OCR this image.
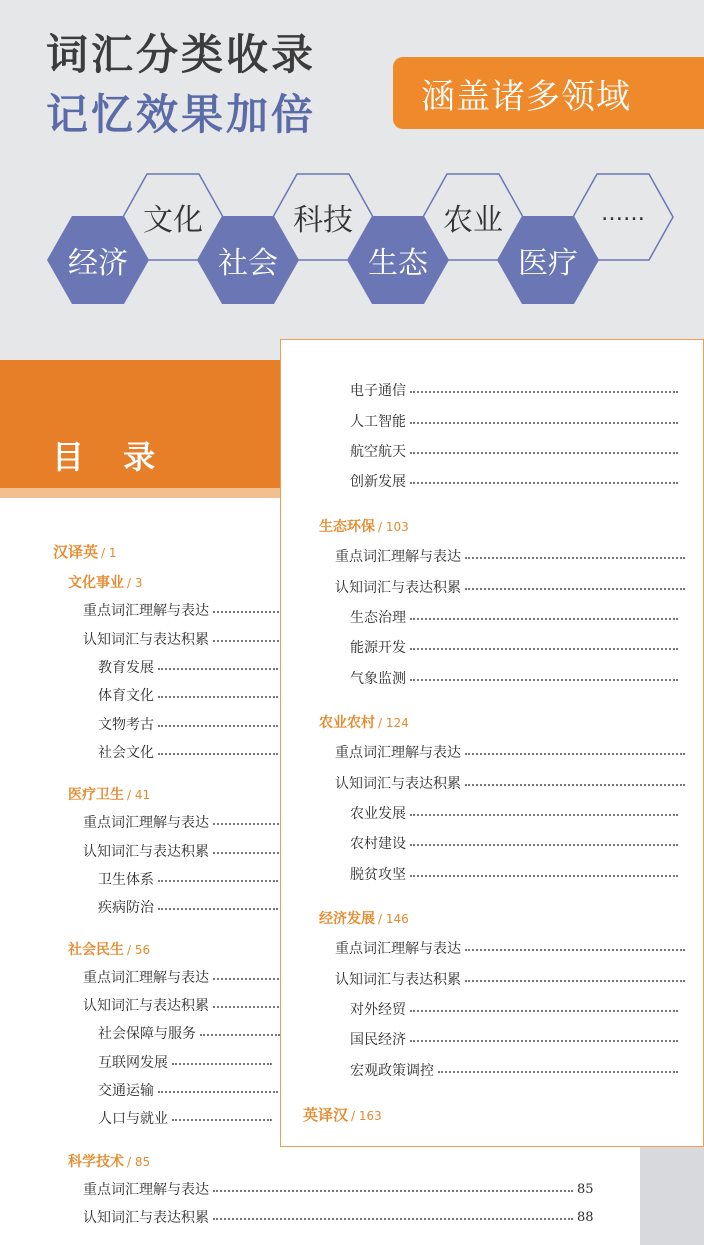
词汇分类收录
记忆效果加倍	涵盖诸多领域
经济	社会	生态	医疗
文化	科技	农业	……
目 录
汉译英 / 1
文化事业 / 3
重点词汇理解与表达
认知词汇与表达积累
教育发展
体育文化
文物考古
社会文化
医疗卫生 / 41
重点词汇理解与表达
认知词汇与表达积累
卫生体系
疾病防治
社会民生 / 56
重点词汇理解与表达
认知词汇与表达积累
社会保障与服务
互联网发展
交通运输
人口与就业
科学技术 / 85
重点词汇理解与表达	85
认知词汇与表达积累	88
电子通信
人工智能
航空航天
创新发展
生态环保 / 103
重点词汇理解与表达
认知词汇与表达积累
生态治理
能源开发
气象监测
农业农村 / 124
重点词汇理解与表达
认知词汇与表达积累
农业发展
农村建设
脱贫攻坚
经济发展 / 146
重点词汇理解与表达
认知词汇与表达积累
对外经贸
国民经济
宏观政策调控
英译汉 / 163
